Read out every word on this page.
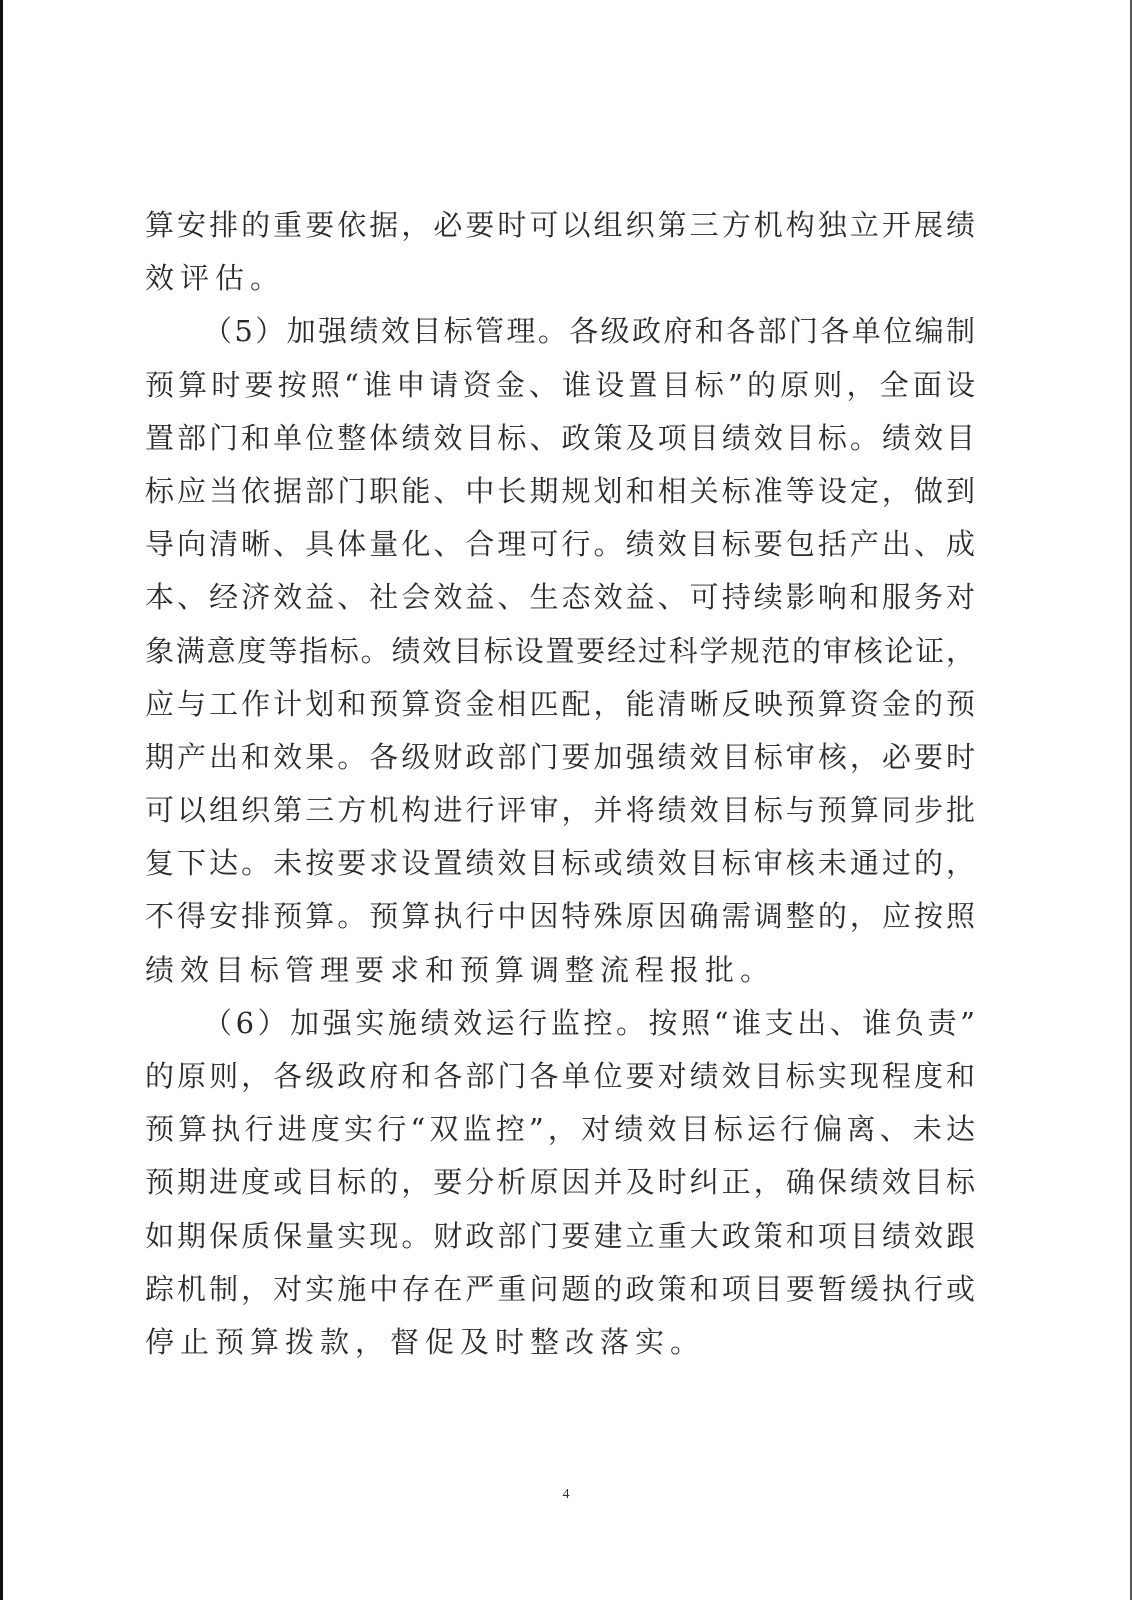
算安排的重要依据，必要时可以组织第三方机构独立开展绩
效评估。
（5）加强绩效目标管理。各级政府和各部门各单位编制
预算时要按照“谁申请资金、谁设置目标”的原则，全面设
置部门和单位整体绩效目标、政策及项目绩效目标。绩效目
标应当依据部门职能、中长期规划和相关标准等设定，做到
导向清晰、具体量化、合理可行。绩效目标要包括产出、成
本、经济效益、社会效益、生态效益、可持续影响和服务对
象满意度等指标。绩效目标设置要经过科学规范的审核论证，
应与工作计划和预算资金相匹配，能清晰反映预算资金的预
期产出和效果。各级财政部门要加强绩效目标审核，必要时
可以组织第三方机构进行评审，并将绩效目标与预算同步批
复下达。未按要求设置绩效目标或绩效目标审核未通过的，
不得安排预算。预算执行中因特殊原因确需调整的，应按照
绩效目标管理要求和预算调整流程报批。
（6）加强实施绩效运行监控。按照“谁支出、谁负责”
的原则，各级政府和各部门各单位要对绩效目标实现程度和
预算执行进度实行“双监控”，对绩效目标运行偏离、未达
预期进度或目标的，要分析原因并及时纠正，确保绩效目标
如期保质保量实现。财政部门要建立重大政策和项目绩效跟
踪机制，对实施中存在严重问题的政策和项目要暂缓执行或
停止预算拨款，督促及时整改落实。
4
